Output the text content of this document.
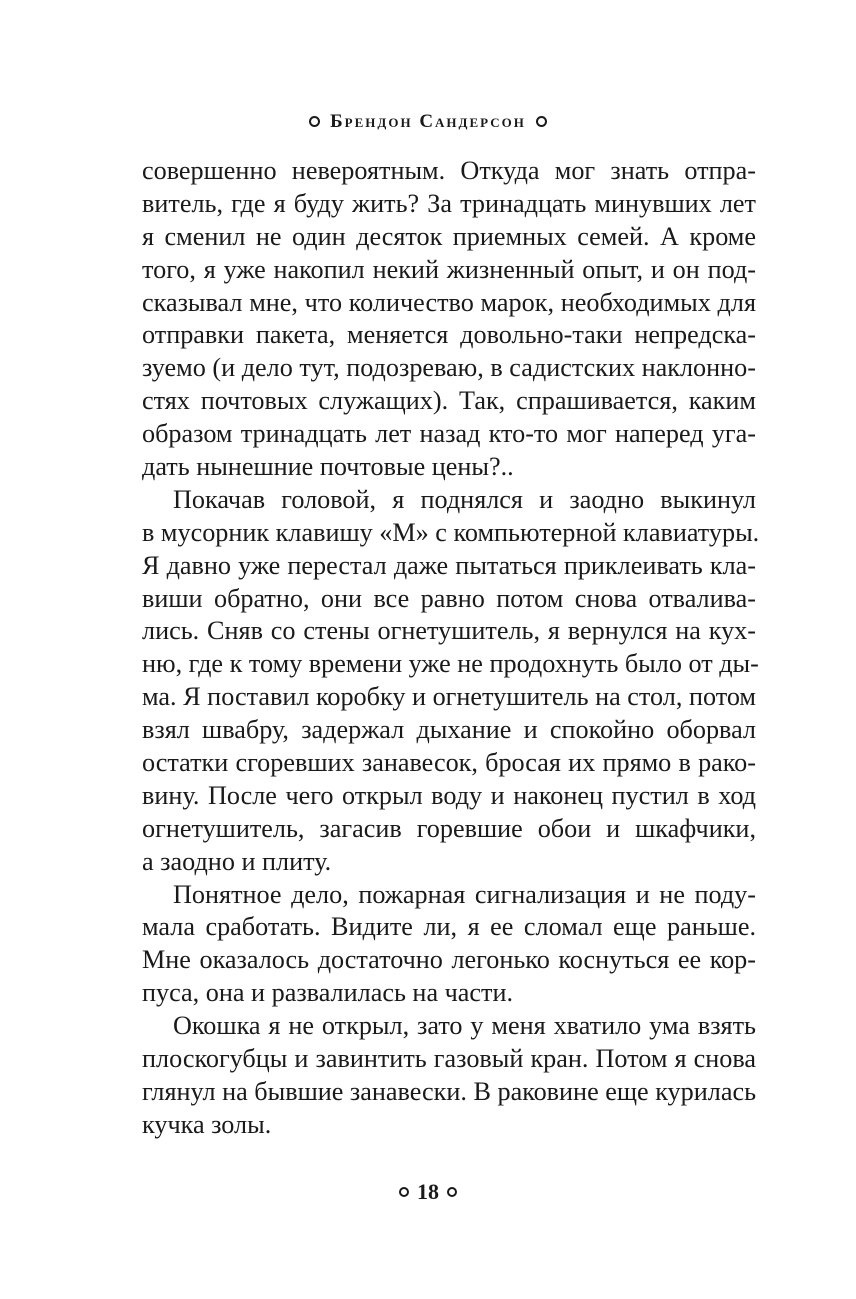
Брендон Сандерсон
совершенно невероятным. Откуда мог знать отпра-
витель, где я буду жить? За тринадцать минувших лет
я сменил не один десяток приемных семей. А кроме
того, я уже накопил некий жизненный опыт, и он под-
сказывал мне, что количество марок, необходимых для
отправки пакета, меняется довольно-таки непредска-
зуемо (и дело тут, подозреваю, в садистских наклонно-
стях почтовых служащих). Так, спрашивается, каким
образом тринадцать лет назад кто-то мог наперед уга-
дать нынешние почтовые цены?..
Покачав головой, я поднялся и заодно выкинул
в мусорник клавишу «М» с компьютерной клавиатуры.
Я давно уже перестал даже пытаться приклеивать кла-
виши обратно, они все равно потом снова отвалива-
лись. Сняв со стены огнетушитель, я вернулся на кух-
ню, где к тому времени уже не продохнуть было от ды-
ма. Я поставил коробку и огнетушитель на стол, потом
взял швабру, задержал дыхание и спокойно оборвал
остатки сгоревших занавесок, бросая их прямо в рако-
вину. После чего открыл воду и наконец пустил в ход
огнетушитель, загасив горевшие обои и шкафчики,
а заодно и плиту.
Понятное дело, пожарная сигнализация и не поду-
мала сработать. Видите ли, я ее сломал еще раньше.
Мне оказалось достаточно легонько коснуться ее кор-
пуса, она и развалилась на части.
Окошка я не открыл, зато у меня хватило ума взять
плоскогубцы и завинтить газовый кран. Потом я снова
глянул на бывшие занавески. В раковине еще курилась
кучка золы.
18
